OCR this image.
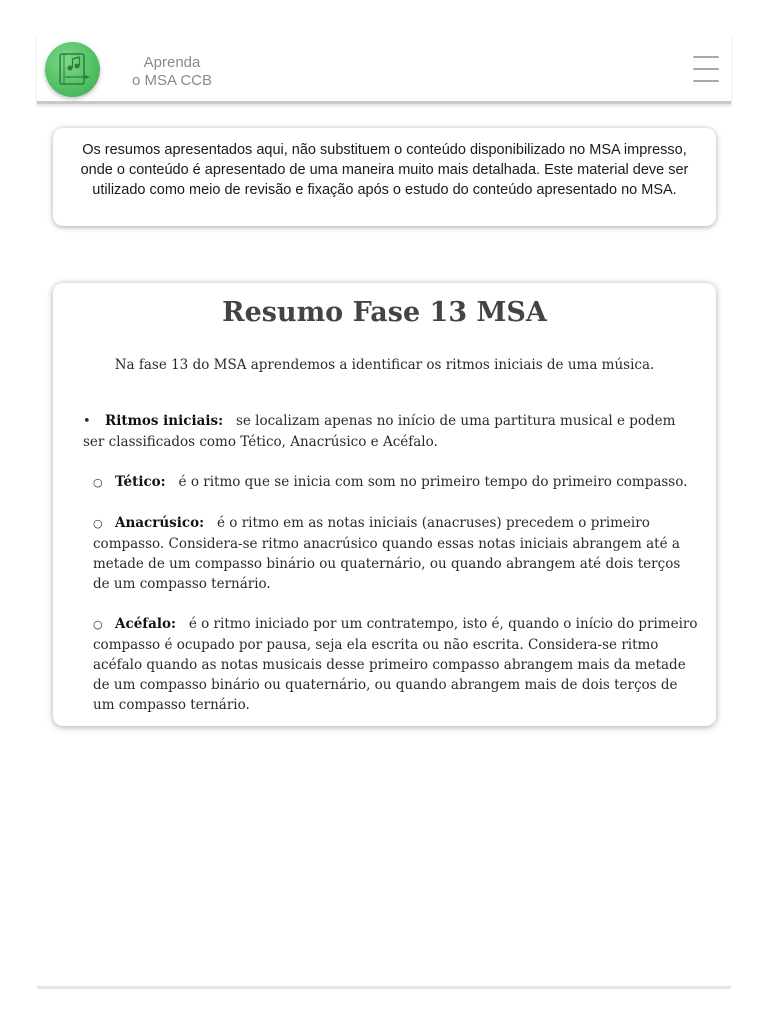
Aprenda
o MSA CCB

Os resumos apresentados aqui, não substituem o conteúdo disponibilizado no MSA impresso, onde o conteúdo é apresentado de uma maneira muito mais detalhada. Este material deve ser utilizado como meio de revisão e fixação após o estudo do conteúdo apresentado no MSA.

Resumo Fase 13 MSA

Na fase 13 do MSA aprendemos a identificar os ritmos iniciais de uma música.

• Ritmos iniciais: se localizam apenas no início de uma partitura musical e podem ser classificados como Tético, Anacrúsico e Acéfalo.

○ Tético: é o ritmo que se inicia com som no primeiro tempo do primeiro compasso.

○ Anacrúsico: é o ritmo em as notas iniciais (anacruses) precedem o primeiro compasso. Considera-se ritmo anacrúsico quando essas notas iniciais abrangem até a metade de um compasso binário ou quaternário, ou quando abrangem até dois terços de um compasso ternário.

○ Acéfalo: é o ritmo iniciado por um contratempo, isto é, quando o início do primeiro compasso é ocupado por pausa, seja ela escrita ou não escrita. Considera-se ritmo acéfalo quando as notas musicais desse primeiro compasso abrangem mais da metade de um compasso binário ou quaternário, ou quando abrangem mais de dois terços de um compasso ternário.
